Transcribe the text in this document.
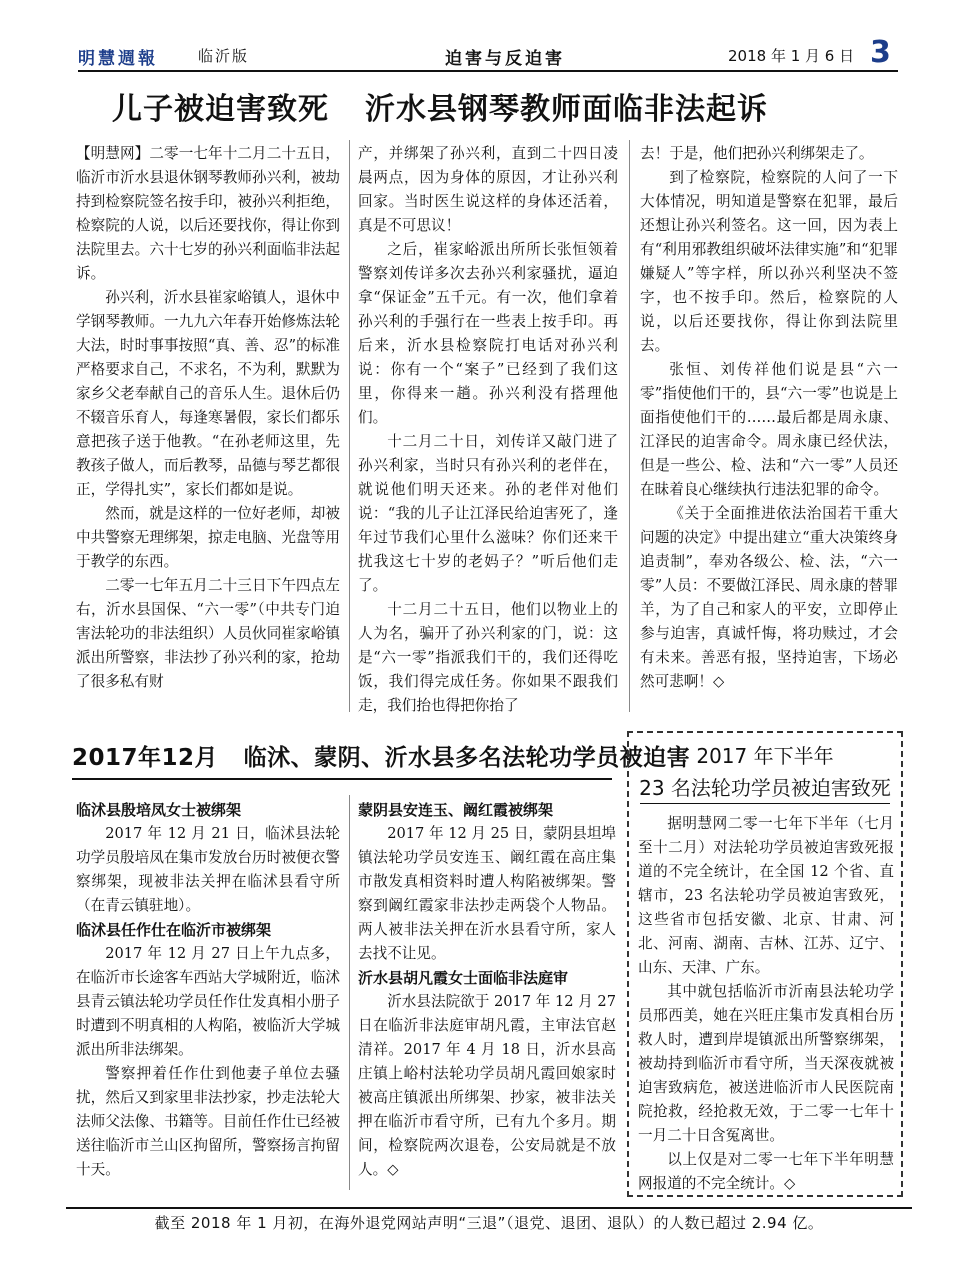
明慧週報	临沂版	迫害与反迫害	2018 年 1 月 6 日 3
儿子被迫害致死 沂水县钢琴教师面临非法起诉

【明慧网】二零一七年十二月二十五日，临沂市沂水县退休钢琴教师孙兴利，被劫持到检察院签名按手印，被孙兴利拒绝，检察院的人说，以后还要找你，得让你到法院里去。六十七岁的孙兴利面临非法起诉。

孙兴利，沂水县崔家峪镇人，退休中学钢琴教师。一九九六年春开始修炼法轮大法，时时事事按照“真、善、忍”的标准严格要求自己，不求名，不为利，默默为家乡父老奉献自己的音乐人生。退休后仍不辍音乐育人，每逢寒暑假，家长们都乐意把孩子送于他教。“在孙老师这里，先教孩子做人，而后教琴，品德与琴艺都很正，学得扎实”，家长们都如是说。

然而，就是这样的一位好老师，却被中共警察无理绑架，掠走电脑、光盘等用于教学的东西。

二零一七年五月二十三日下午四点左右，沂水县国保、“六一零”（中共专门迫害法轮功的非法组织）人员伙同崔家峪镇派出所警察，非法抄了孙兴利的家，抢劫了很多私有财

产，并绑架了孙兴利，直到二十四日凌晨两点，因为身体的原因，才让孙兴利回家。当时医生说这样的身体还活着，真是不可思议！

之后，崔家峪派出所所长张恒领着警察刘传详多次去孙兴利家骚扰，逼迫拿“保证金”五千元。有一次，他们拿着孙兴利的手强行在一些表上按手印。再后来，沂水县检察院打电话对孙兴利说：你有一个“案子”已经到了我们这里，你得来一趟。孙兴利没有搭理他们。

十二月二十日，刘传详又敲门进了孙兴利家，当时只有孙兴利的老伴在，就说他们明天还来。孙的老伴对他们说：“我的儿子让江泽民给迫害死了，逢年过节我们心里什么滋味？你们还来干扰我这七十岁的老妈子？”听后他们走了。

十二月二十五日，他们以物业上的人为名，骗开了孙兴利家的门，说：这是“六一零”指派我们干的，我们还得吃饭，我们得完成任务。你如果不跟我们走，我们抬也得把你抬了

去！于是，他们把孙兴利绑架走了。

到了检察院，检察院的人问了一下大体情况，明知道是警察在犯罪，最后还想让孙兴利签名。这一回，因为表上有“利用邪教组织破坏法律实施”和“犯罪嫌疑人”等字样，所以孙兴利坚决不签字，也不按手印。然后，检察院的人说，以后还要找你，得让你到法院里去。

张恒、刘传祥他们说是县“六一零”指使他们干的，县“六一零”也说是上面指使他们干的……最后都是周永康、江泽民的迫害命令。周永康已经伏法，但是一些公、检、法和“六一零”人员还在昧着良心继续执行违法犯罪的命令。

《关于全面推进依法治国若干重大问题的决定》中提出建立“重大决策终身追责制”，奉劝各级公、检、法，“六一零”人员：不要做江泽民、周永康的替罪羊，为了自己和家人的平安，立即停止参与迫害，真诚忏悔，将功赎过，才会有未来。善恶有报，坚持迫害，下场必然可悲啊！◇

2017年12月 临沭、蒙阴、沂水县多名法轮功学员被迫害

临沭县殷培凤女士被绑架

2017 年 12 月 21 日，临沭县法轮功学员殷培凤在集市发放台历时被便衣警察绑架，现被非法关押在临沭县看守所（在青云镇驻地）。

临沭县任作仕在临沂市被绑架

2017 年 12 月 27 日上午九点多，在临沂市长途客车西站大学城附近，临沭县青云镇法轮功学员任作仕发真相小册子时遭到不明真相的人构陷，被临沂大学城派出所非法绑架。

警察押着任作仕到他妻子单位去骚扰，然后又到家里非法抄家，抄走法轮大法师父法像、书籍等。目前任作仕已经被送往临沂市兰山区拘留所，警察扬言拘留十天。

蒙阴县安连玉、阚红霞被绑架

2017 年 12 月 25 日，蒙阴县坦埠镇法轮功学员安连玉、阚红霞在高庄集市散发真相资料时遭人构陷被绑架。警察到阚红霞家非法抄走两袋个人物品。两人被非法关押在沂水县看守所，家人去找不让见。

沂水县胡凡霞女士面临非法庭审

沂水县法院欲于 2017 年 12 月 27 日在临沂非法庭审胡凡霞，主审法官赵清祥。2017 年 4 月 18 日，沂水县高庄镇上峪村法轮功学员胡凡霞回娘家时被高庄镇派出所绑架、抄家，被非法关押在临沂市看守所，已有九个多月。期间，检察院两次退卷，公安局就是不放人。◇

2017 年下半年
23 名法轮功学员被迫害致死

据明慧网二零一七年下半年（七月至十二月）对法轮功学员被迫害致死报道的不完全统计，在全国 12 个省、直辖市，23 名法轮功学员被迫害致死，这些省市包括安徽、北京、甘肃、河北、河南、湖南、吉林、江苏、辽宁、山东、天津、广东。

其中就包括临沂市沂南县法轮功学员邢西美，她在兴旺庄集市发真相台历救人时，遭到岸堤镇派出所警察绑架，被劫持到临沂市看守所，当天深夜就被迫害致病危，被送进临沂市人民医院南院抢救，经抢救无效，于二零一七年十一月二十日含冤离世。

以上仅是对二零一七年下半年明慧网报道的不完全统计。◇

截至 2018 年 1 月初，在海外退党网站声明“三退”（退党、退团、退队）的人数已超过 2.94 亿。
